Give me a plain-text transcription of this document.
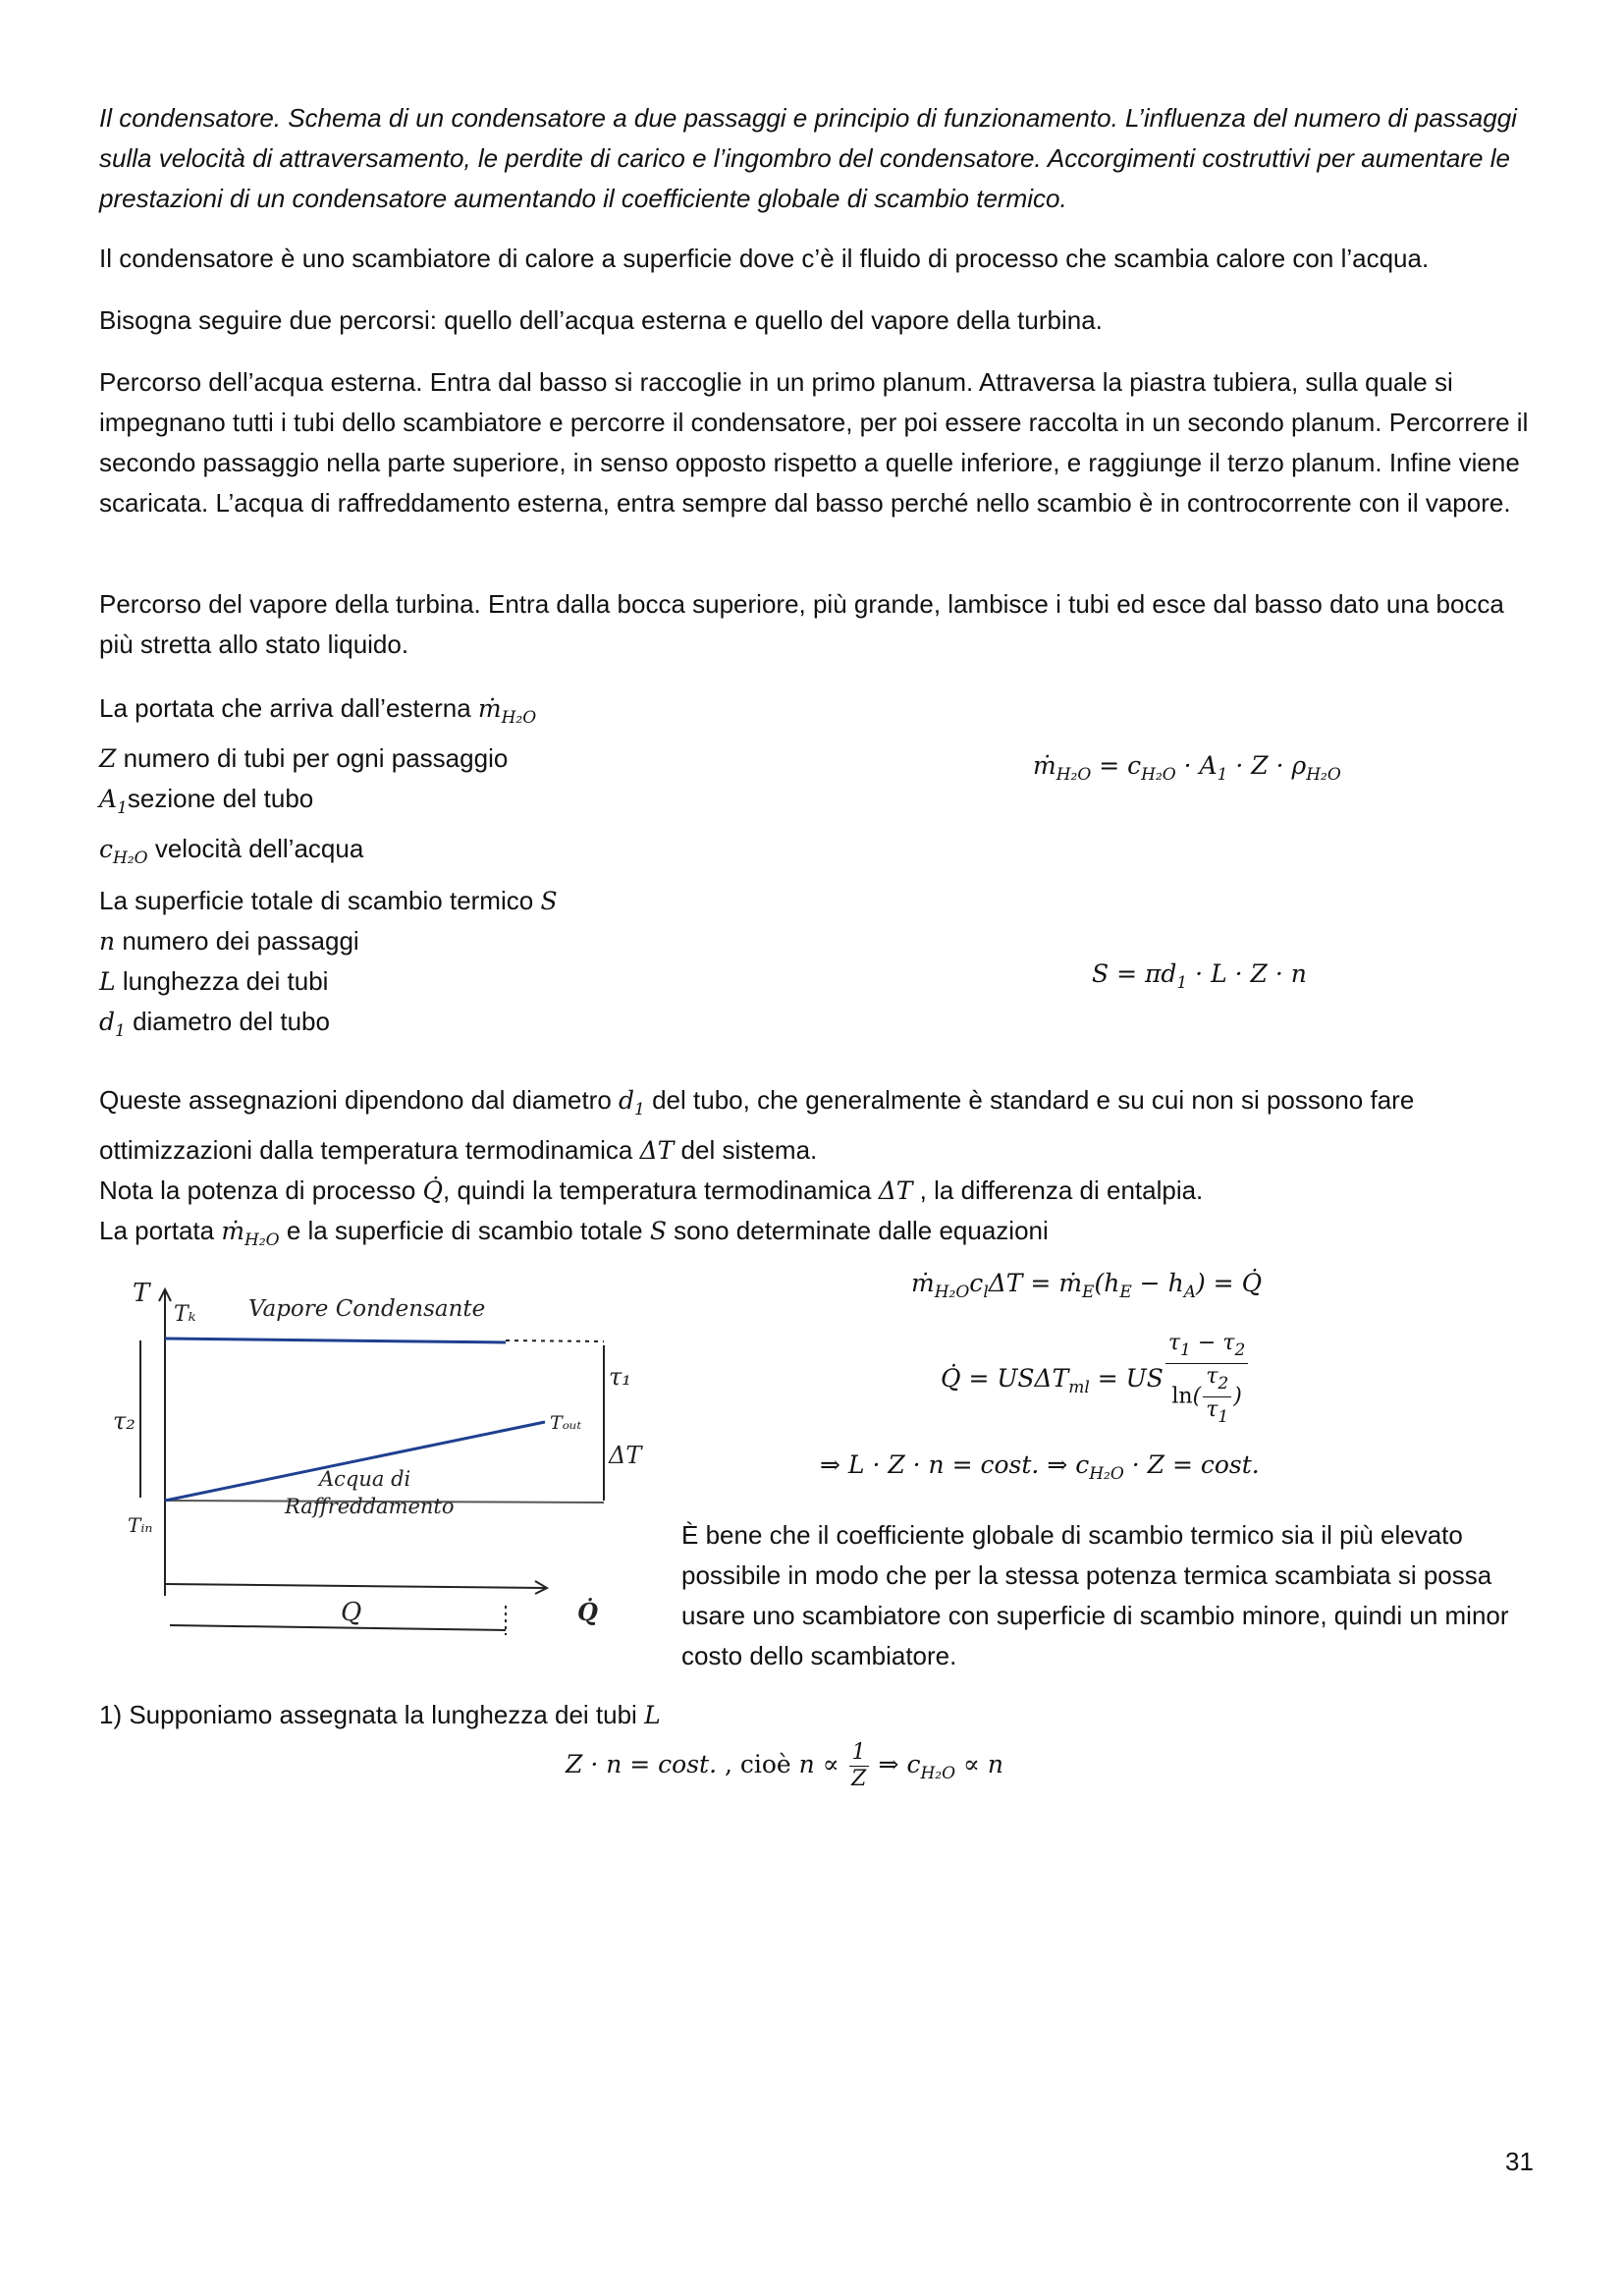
Il condensatore. Schema di un condensatore a due passaggi e principio di funzionamento. L’influenza del numero di passaggi sulla velocità di attraversamento, le perdite di carico e l’ingombro del condensatore. Accorgimenti costruttivi per aumentare le prestazioni di un condensatore aumentando il coefficiente globale di scambio termico.
Il condensatore è uno scambiatore di calore a superficie dove c’è il fluido di processo che scambia calore con l’acqua.
Bisogna seguire due percorsi: quello dell’acqua esterna e quello del vapore della turbina.
Percorso dell’acqua esterna. Entra dal basso si raccoglie in un primo planum. Attraversa la piastra tubiera, sulla quale si impegnano tutti i tubi dello scambiatore e percorre il condensatore, per poi essere raccolta in un secondo planum. Percorrere il secondo passaggio nella parte superiore, in senso opposto rispetto a quelle inferiore, e raggiunge il terzo planum. Infine viene scaricata. L’acqua di raffreddamento esterna, entra sempre dal basso perché nello scambio è in controcorrente con il vapore.
Percorso del vapore della turbina. Entra dalla bocca superiore, più grande, lambisce i tubi ed esce dal basso dato una bocca più stretta allo stato liquido.
La portata che arriva dall’esterna ṁ$_{H_2O}$
Z numero di tubi per ogni passaggio
$A_1sezione$ del tubo
$c_{H_2O}$ velocità dell’acqua
ṁ$_{H_2O}$ = $c_{H_2O} \cdot A_1 \cdot Z \cdot \rho_{H_2O}$
La superficie totale di scambio termico S
n numero dei passaggi
L lunghezza dei tubi
$d_1$ diametro del tubo
$S = \pi d_1 \cdot L \cdot Z \cdot n$
Queste assegnazioni dipendono dal diametro $d_1$ del tubo, che generalmente è standard e su cui non si possono fare ottimizzazioni dalla temperatura termodinamica ΔT del sistema.
Nota la potenza di processo Q̇, quindi la temperatura termodinamica ΔT , la differenza di entalpia.
La portata ṁ$_{H_2O}$ e la superficie di scambio totale S sono determinate dalle equazioni
T
Tₖ Vapore Condensante
τ₁
τ₂	Tₒᵤₜ
ΔT
Acqua di
Raffreddamento
Tᵢₙ
Q	Q̇
$ṁ_{H_2O}c_l\Delta T$ = $ṁ_E(h_E - h_A)$ = Q̇
Q̇ = $US\Delta T_{ml}$ = US $\frac{\tau_1 - \tau_2}{\ln( \frac{\tau_2}{\tau_1} )}$
⇒ L · Z · n = cost. ⇒ $c_{H_2O} \cdot Z = \cos t$.
È bene che il coefficiente globale di scambio termico sia il più elevato possibile in modo che per la stessa potenza termica scambiata si possa usare uno scambiatore con superficie di scambio minore, quindi un minor costo dello scambiatore.
1) Supponiamo assegnata la lunghezza dei tubi L
Z · n = cost. , cioè $n \propto \frac{1}{Z}$ ⇒ $c_{H_2O} \propto n$
31
